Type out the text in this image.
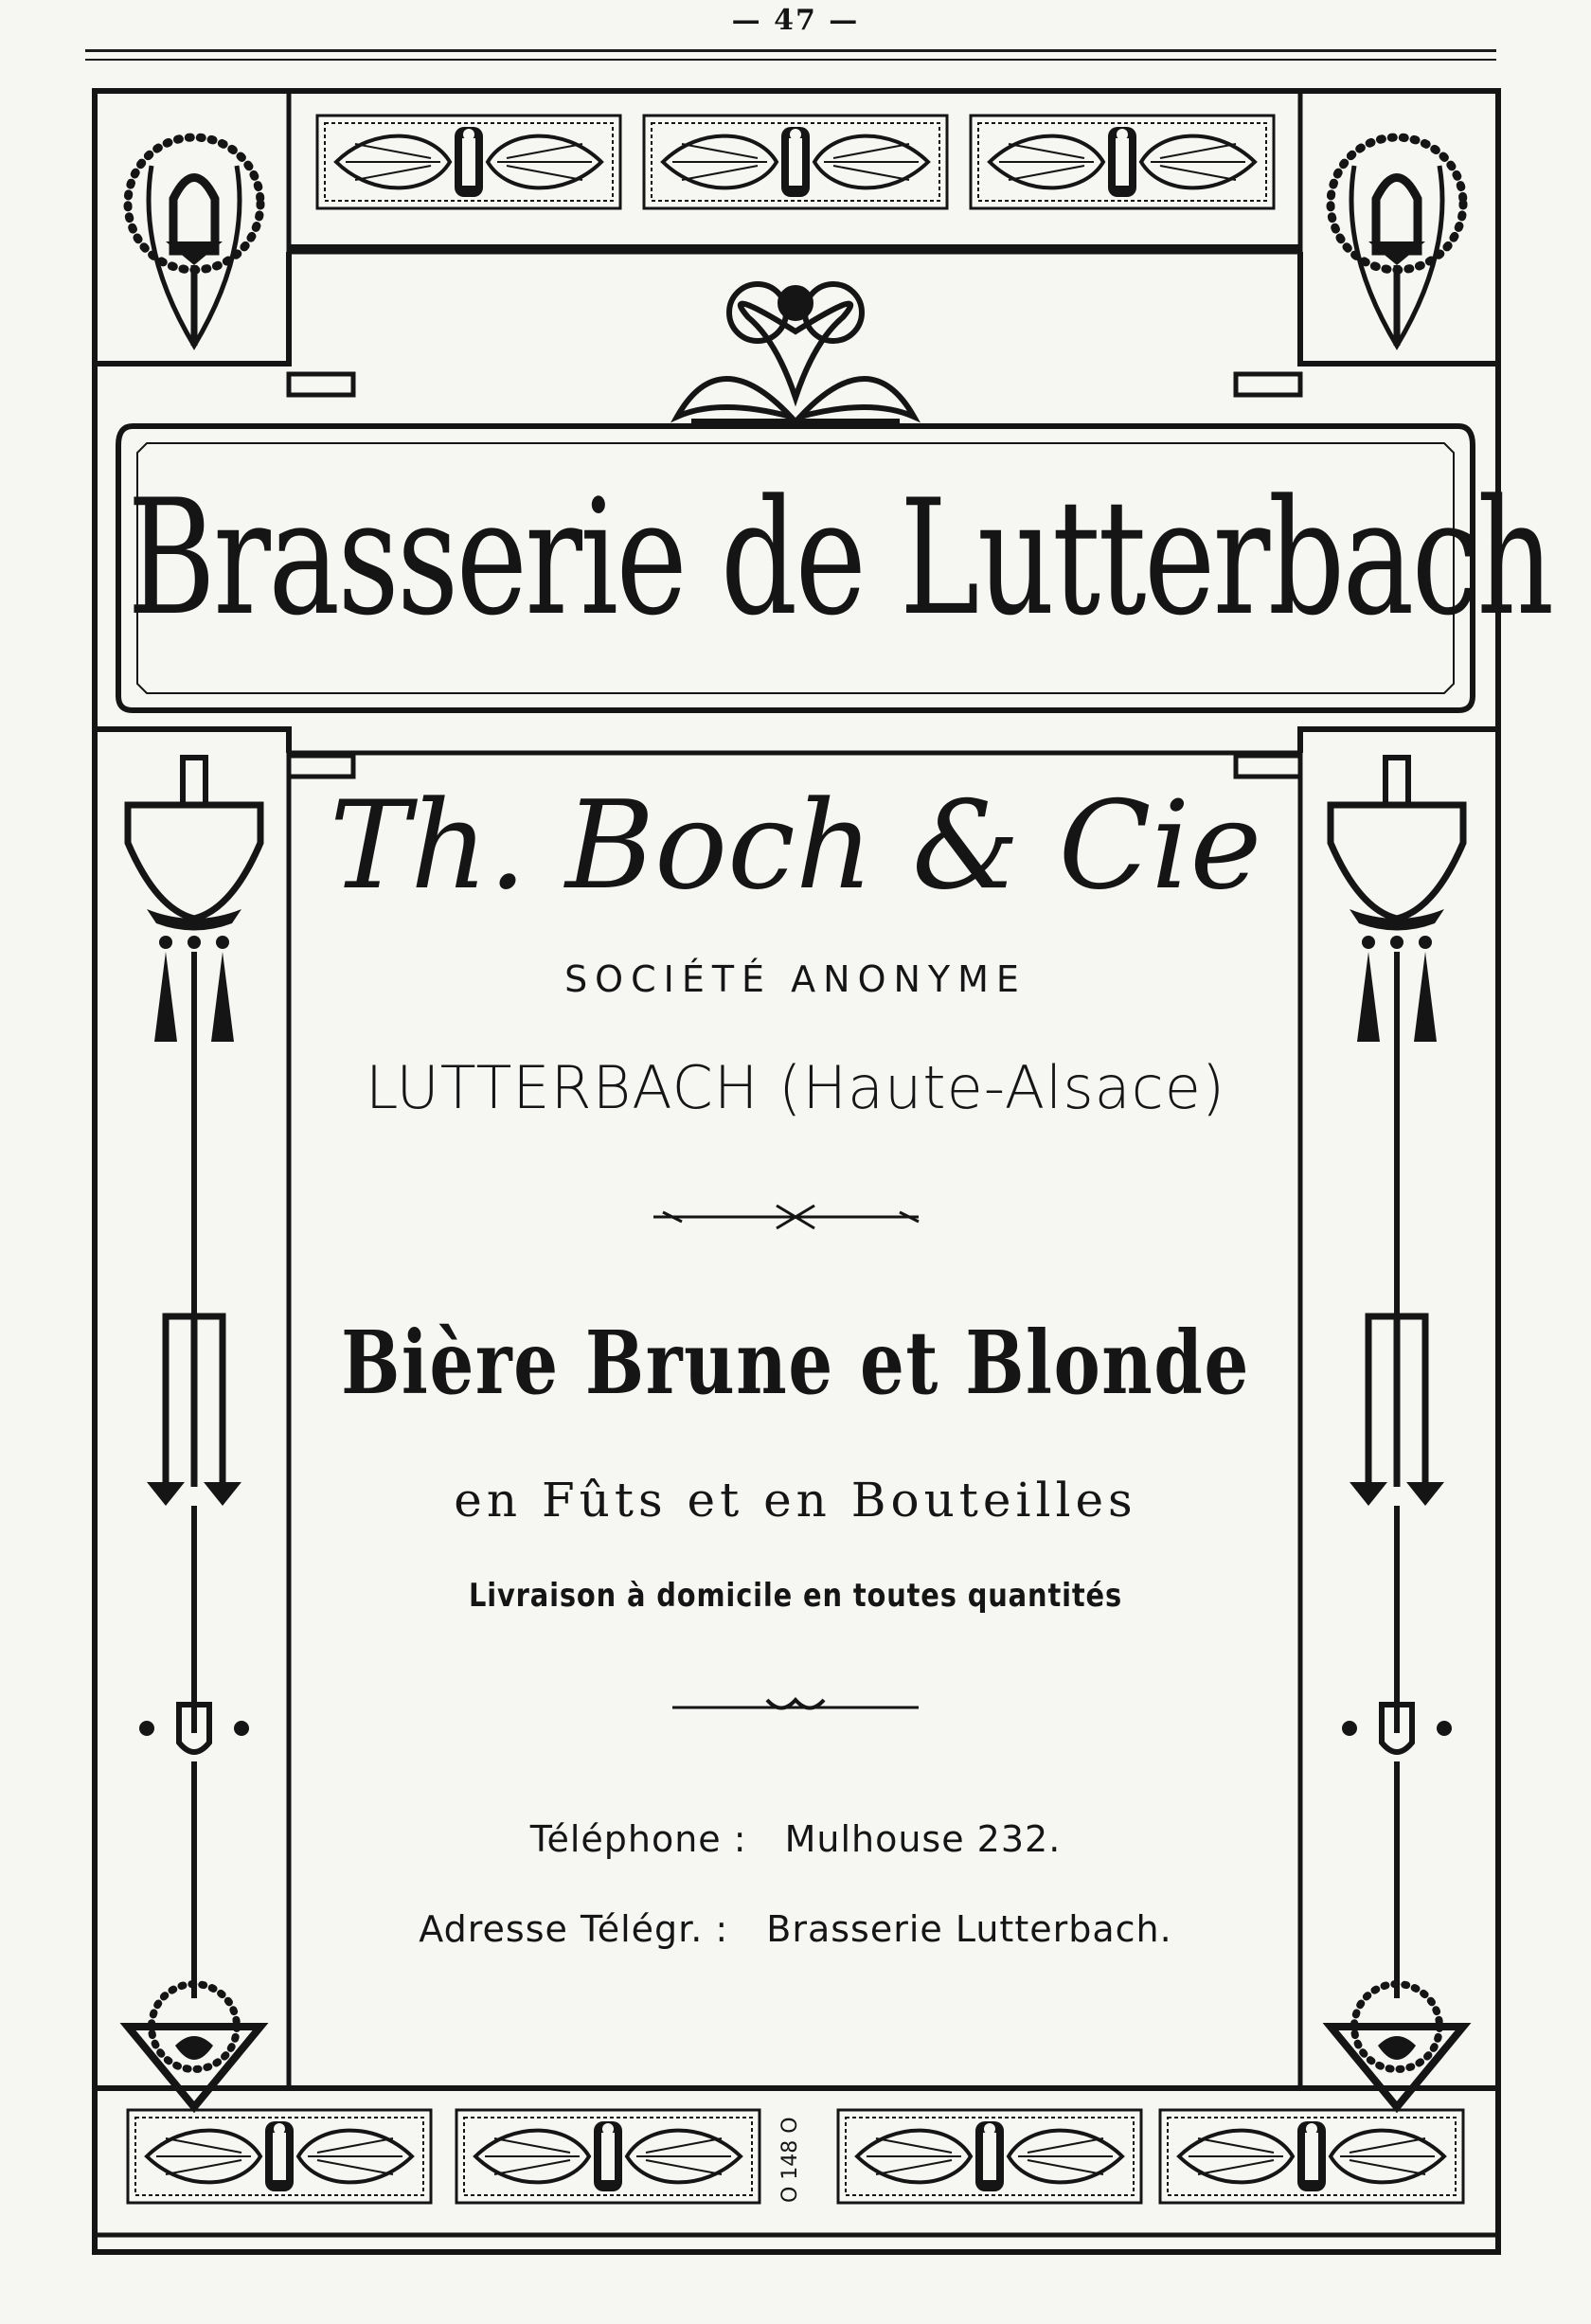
— 47 —
Brasserie de Lutterbach
Th. Boch & Cie
SOCIÉTÉ ANONYME
LUTTERBACH (Haute-Alsace)
Bière Brune et Blonde
en Fûts et en Bouteilles
Livraison à domicile en toutes quantités
Téléphone : Mulhouse 232.
Adresse Télégr. : Brasserie Lutterbach.
O 148 O
